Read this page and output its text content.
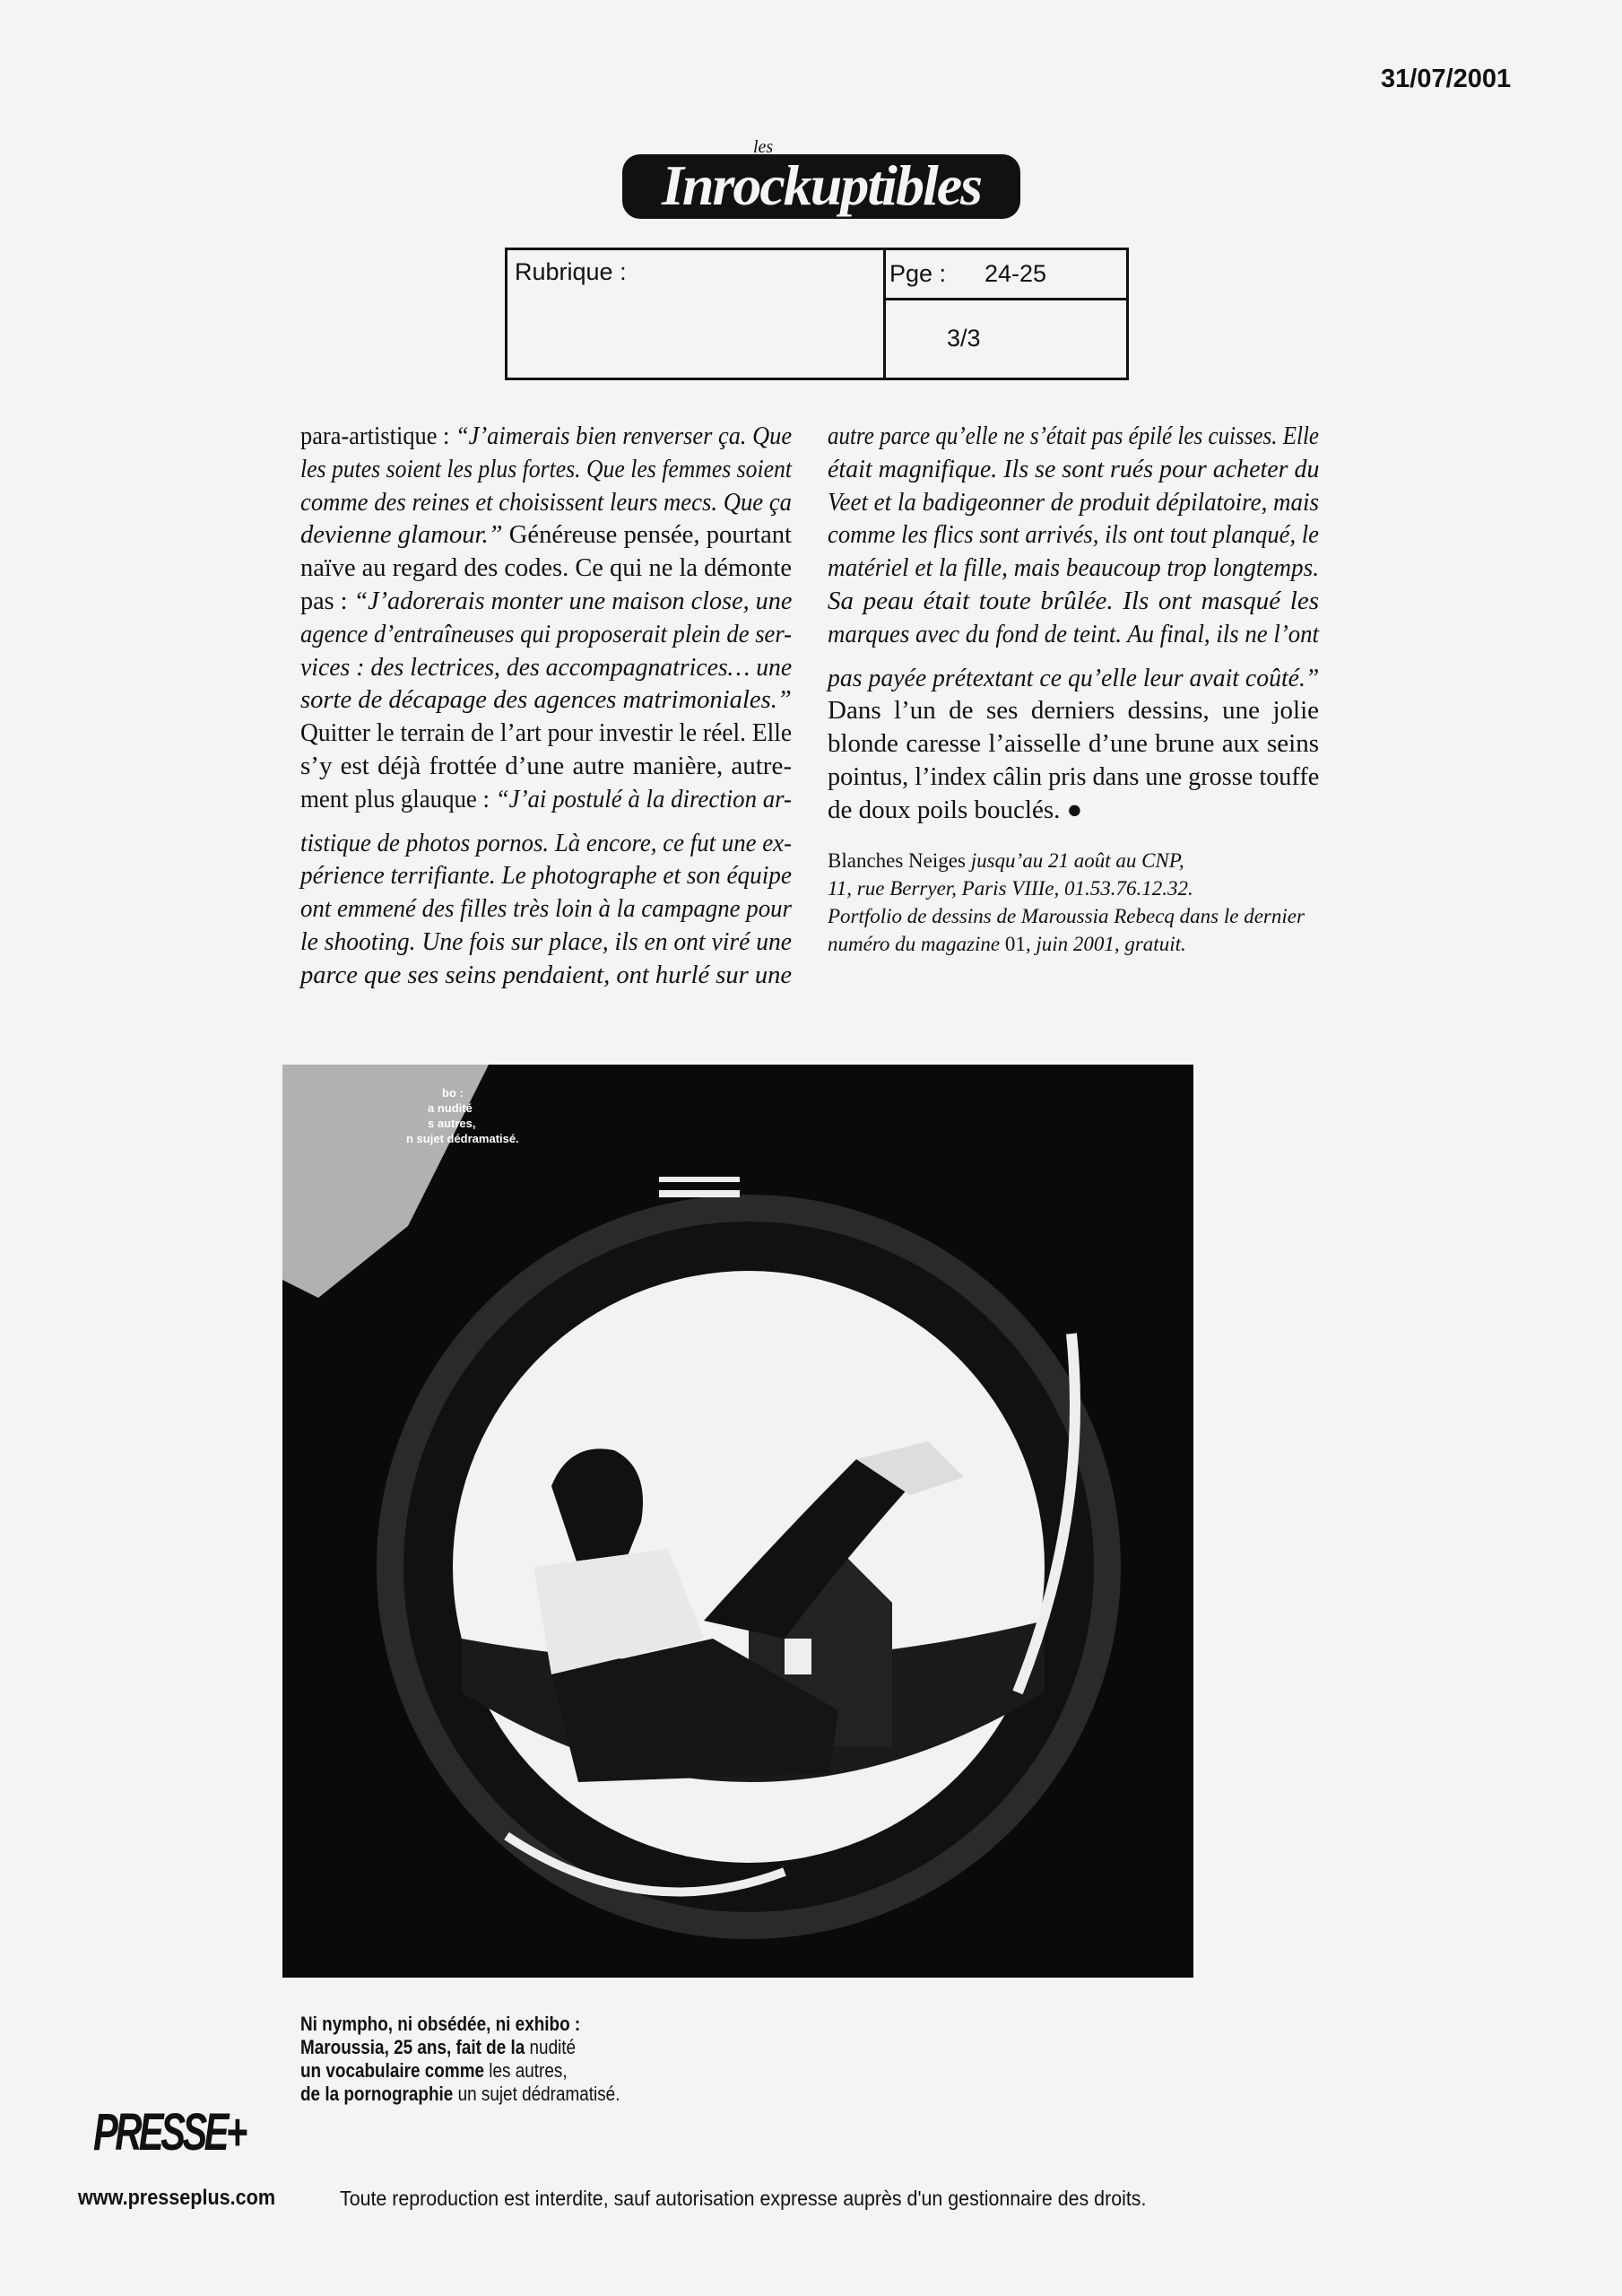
31/07/2001
Inrockuptibles
les
Rubrique :	Pge : 24-25
3/3
para-artistique : “J’aimerais bien renverser ça. Que
les putes soient les plus fortes. Que les femmes soient
comme des reines et choisissent leurs mecs. Que ça
devienne glamour.” Généreuse pensée, pourtant
naïve au regard des codes. Ce qui ne la démonte
pas : “J’adorerais monter une maison close, une
agence d’entraîneuses qui proposerait plein de ser-
vices : des lectrices, des accompagnatrices… une
sorte de décapage des agences matrimoniales.”
Quitter le terrain de l’art pour investir le réel. Elle
s’y est déjà frottée d’une autre manière, autre-
ment plus glauque : “J’ai postulé à la direction ar-
tistique de photos pornos. Là encore, ce fut une ex-
périence terrifiante. Le photographe et son équipe
ont emmené des filles très loin à la campagne pour
le shooting. Une fois sur place, ils en ont viré une
parce que ses seins pendaient, ont hurlé sur une
autre parce qu’elle ne s’était pas épilé les cuisses. Elle
était magnifique. Ils se sont rués pour acheter du
Veet et la badigeonner de produit dépilatoire, mais
comme les flics sont arrivés, ils ont tout planqué, le
matériel et la fille, mais beaucoup trop longtemps.
Sa peau était toute brûlée. Ils ont masqué les
marques avec du fond de teint. Au final, ils ne l’ont
pas payée prétextant ce qu’elle leur avait coûté.”
Dans l’un de ses derniers dessins, une jolie
blonde caresse l’aisselle d’une brune aux seins
pointus, l’index câlin pris dans une grosse touffe
de doux poils bouclés. ●
Blanches Neiges jusqu’au 21 août au CNP,
11, rue Berryer, Paris VIIIe, 01.53.76.12.32.
Portfolio de dessins de Maroussia Rebecq dans le dernier
numéro du magazine 01, juin 2001, gratuit.
bo :
a nudité
s autres,
n sujet dédramatisé.
Ni nympho, ni obsédée, ni exhibo :
Maroussia, 25 ans, fait de la nudité
un vocabulaire comme les autres,
de la pornographie un sujet dédramatisé.
PRESSE+
www.presseplus.com	Toute reproduction est interdite, sauf autorisation expresse auprès d'un gestionnaire des droits.
